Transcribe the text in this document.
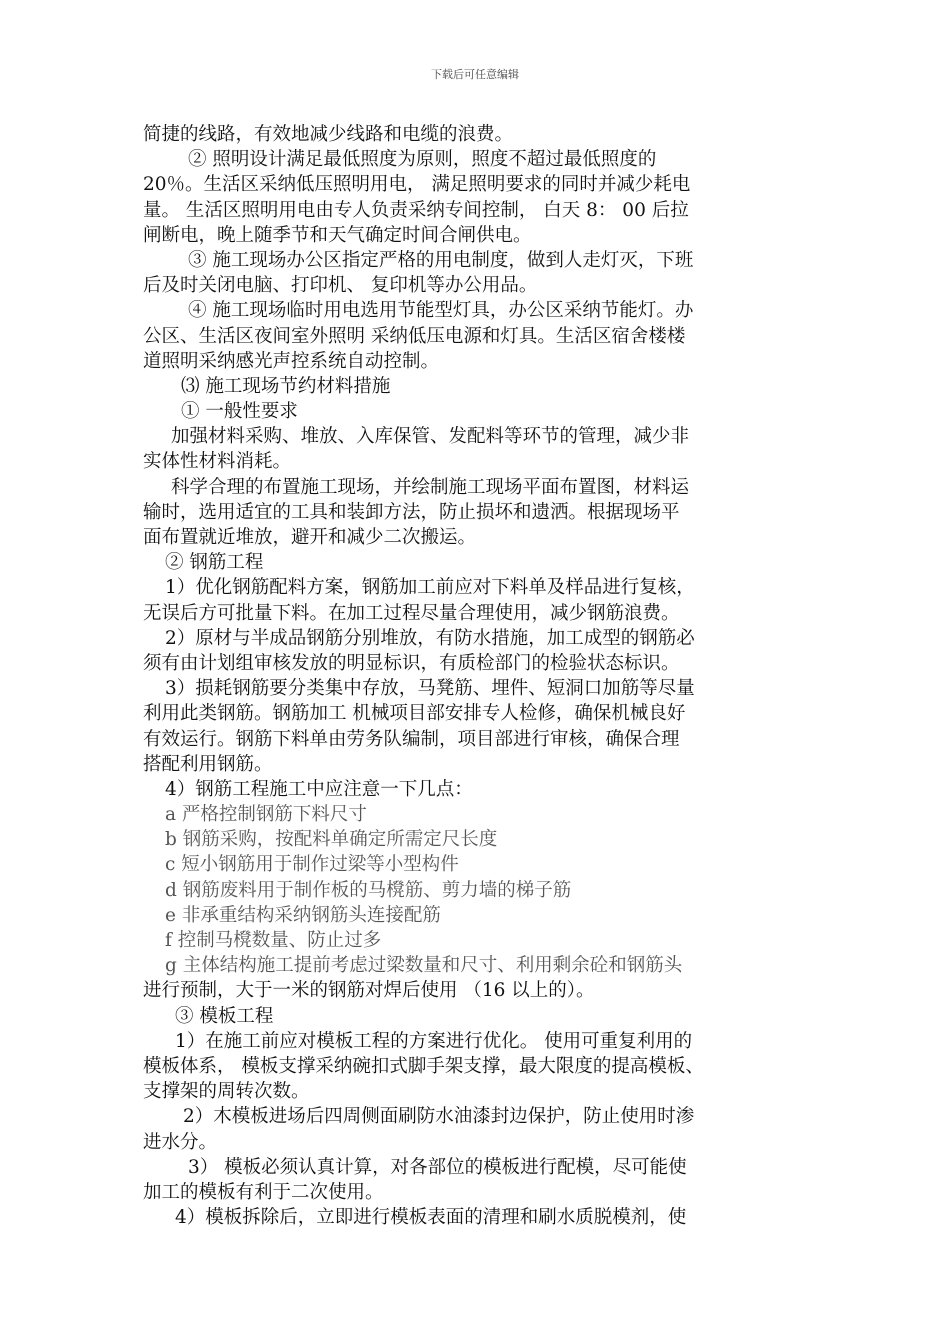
下载后可任意编辑
简捷的线路，有效地减少线路和电缆的浪费。
② 照明设计满足最低照度为原则，照度不超过最低照度的
20％。生活区采纳低压照明用电， 满足照明要求的同时并减少耗电
量。 生活区照明用电由专人负责采纳专间控制， 白天 8： 00 后拉
闸断电，晚上随季节和天气确定时间合闸供电。
③ 施工现场办公区指定严格的用电制度，做到人走灯灭，下班
后及时关闭电脑、打印机、 复印机等办公用品。
④ 施工现场临时用电选用节能型灯具，办公区采纳节能灯。办
公区、生活区夜间室外照明 采纳低压电源和灯具。生活区宿舍楼楼
道照明采纳感光声控系统自动控制。
⑶ 施工现场节约材料措施
① 一般性要求
加强材料采购、堆放、入库保管、发配料等环节的管理，减少非
实体性材料消耗。
科学合理的布置施工现场，并绘制施工现场平面布置图，材料运
输时，选用适宜的工具和装卸方法，防止损坏和遗洒。根据现场平
面布置就近堆放，避开和减少二次搬运。
② 钢筋工程
1）优化钢筋配料方案，钢筋加工前应对下料单及样品进行复核，
无误后方可批量下料。在加工过程尽量合理使用，减少钢筋浪费。
2）原材与半成品钢筋分别堆放，有防水措施，加工成型的钢筋必
须有由计划组审核发放的明显标识，有质检部门的检验状态标识。
3）损耗钢筋要分类集中存放，马凳筋、埋件、短洞口加筋等尽量
利用此类钢筋。钢筋加工 机械项目部安排专人检修，确保机械良好
有效运行。钢筋下料单由劳务队编制，项目部进行审核，确保合理
搭配利用钢筋。
4）钢筋工程施工中应注意一下几点：
a 严格控制钢筋下料尺寸
b 钢筋采购，按配料单确定所需定尺长度
c 短小钢筋用于制作过梁等小型构件
d 钢筋废料用于制作板的马櫈筋、剪力墙的梯子筋
e 非承重结构采纳钢筋头连接配筋
f 控制马櫈数量、防止过多
g 主体结构施工提前考虑过梁数量和尺寸、利用剩余砼和钢筋头
进行预制，大于一米的钢筋对焊后使用 （16 以上的）。
③ 模板工程
1）在施工前应对模板工程的方案进行优化。 使用可重复利用的
模板体系， 模板支撑采纳碗扣式脚手架支撑，最大限度的提高模板、
支撑架的周转次数。
2）木模板进场后四周侧面刷防水油漆封边保护，防止使用时渗
进水分。
3） 模板必须认真计算，对各部位的模板进行配模，尽可能使
加工的模板有利于二次使用。
4）模板拆除后，立即进行模板表面的清理和刷水质脱模剂，使
